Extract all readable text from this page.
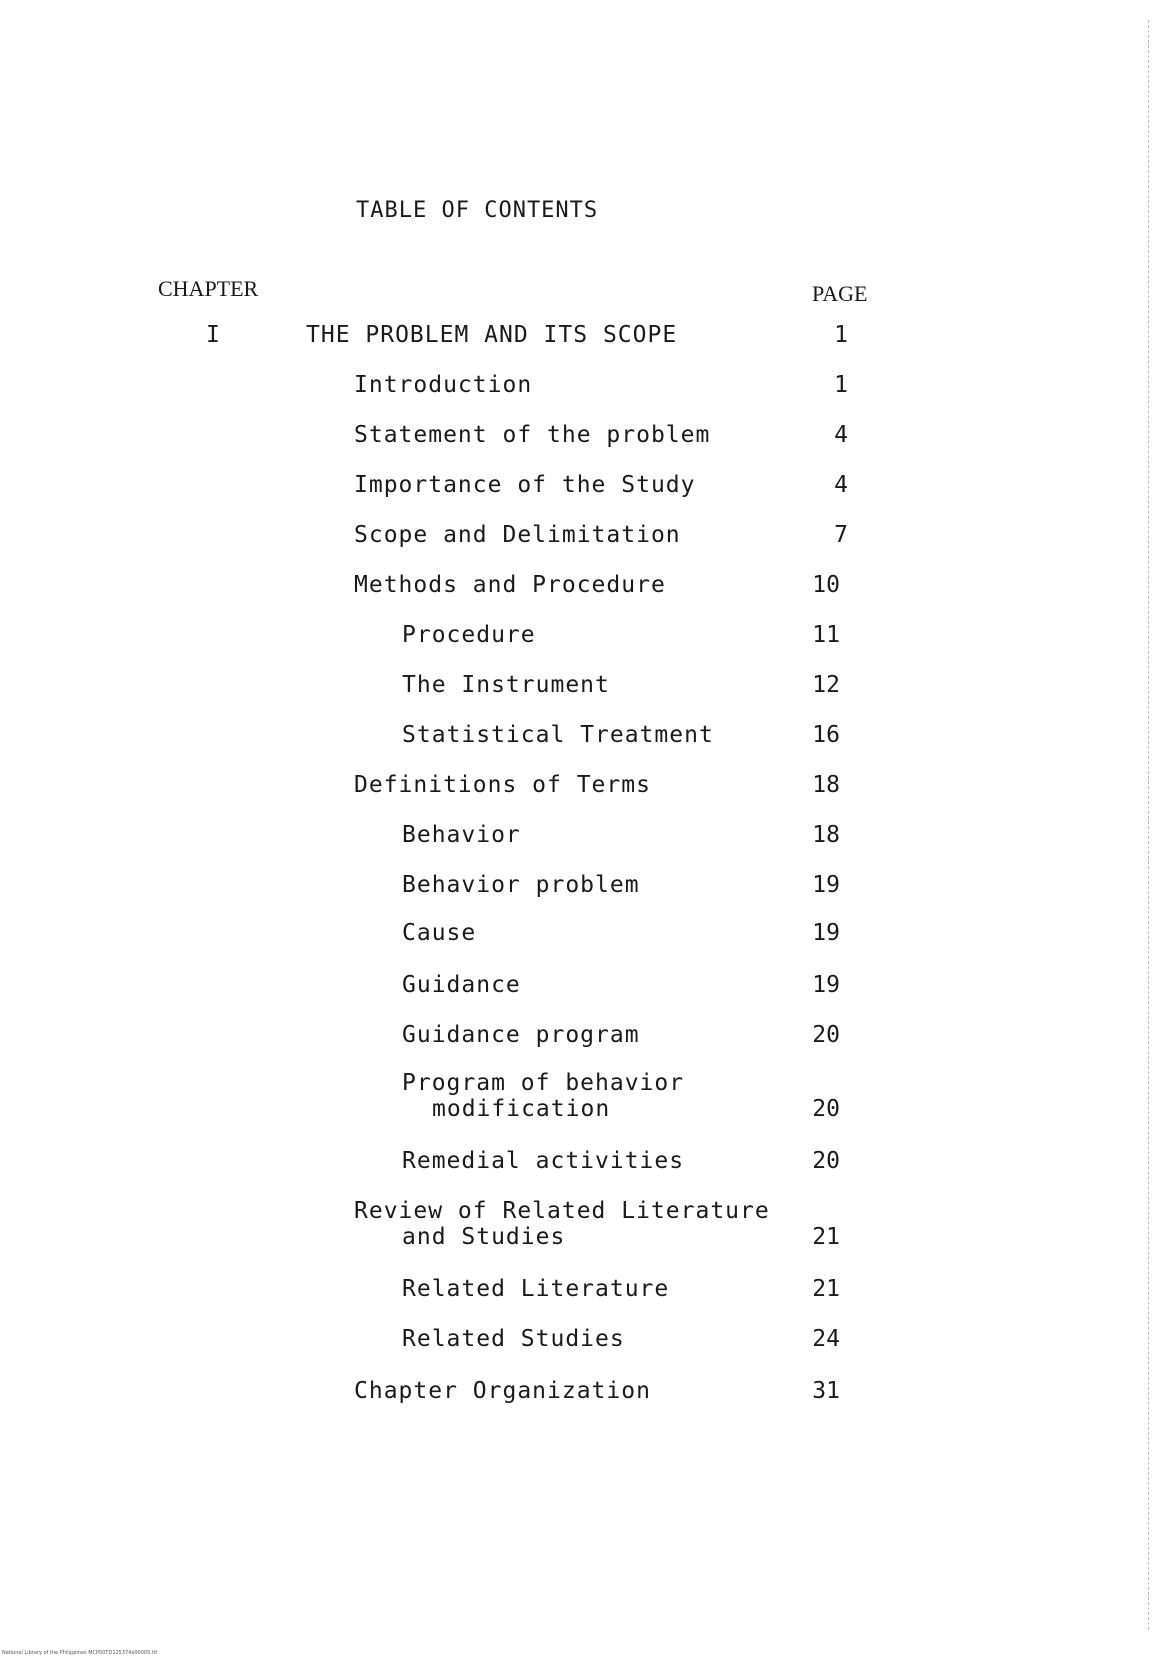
TABLE OF CONTENTS
CHAPTER	PAGE
I	THE PROBLEM AND ITS SCOPE	1
Introduction	1
Statement of the problem	4
Importance of the Study	4
Scope and Delimitation	7
Methods and Procedure	10
Procedure	11
The Instrument	12
Statistical Treatment	16
Definitions of Terms	18
Behavior	18
Behavior problem	19
Cause	19
Guidance	19
Guidance program	20
Program of behavior
modification	20
Remedial activities	20
Review of Related Literature
and Studies	21
Related Literature	21
Related Studies	24
Chapter Organization	31
National Library of the Philippines MCP00TD125374x00005.tif
